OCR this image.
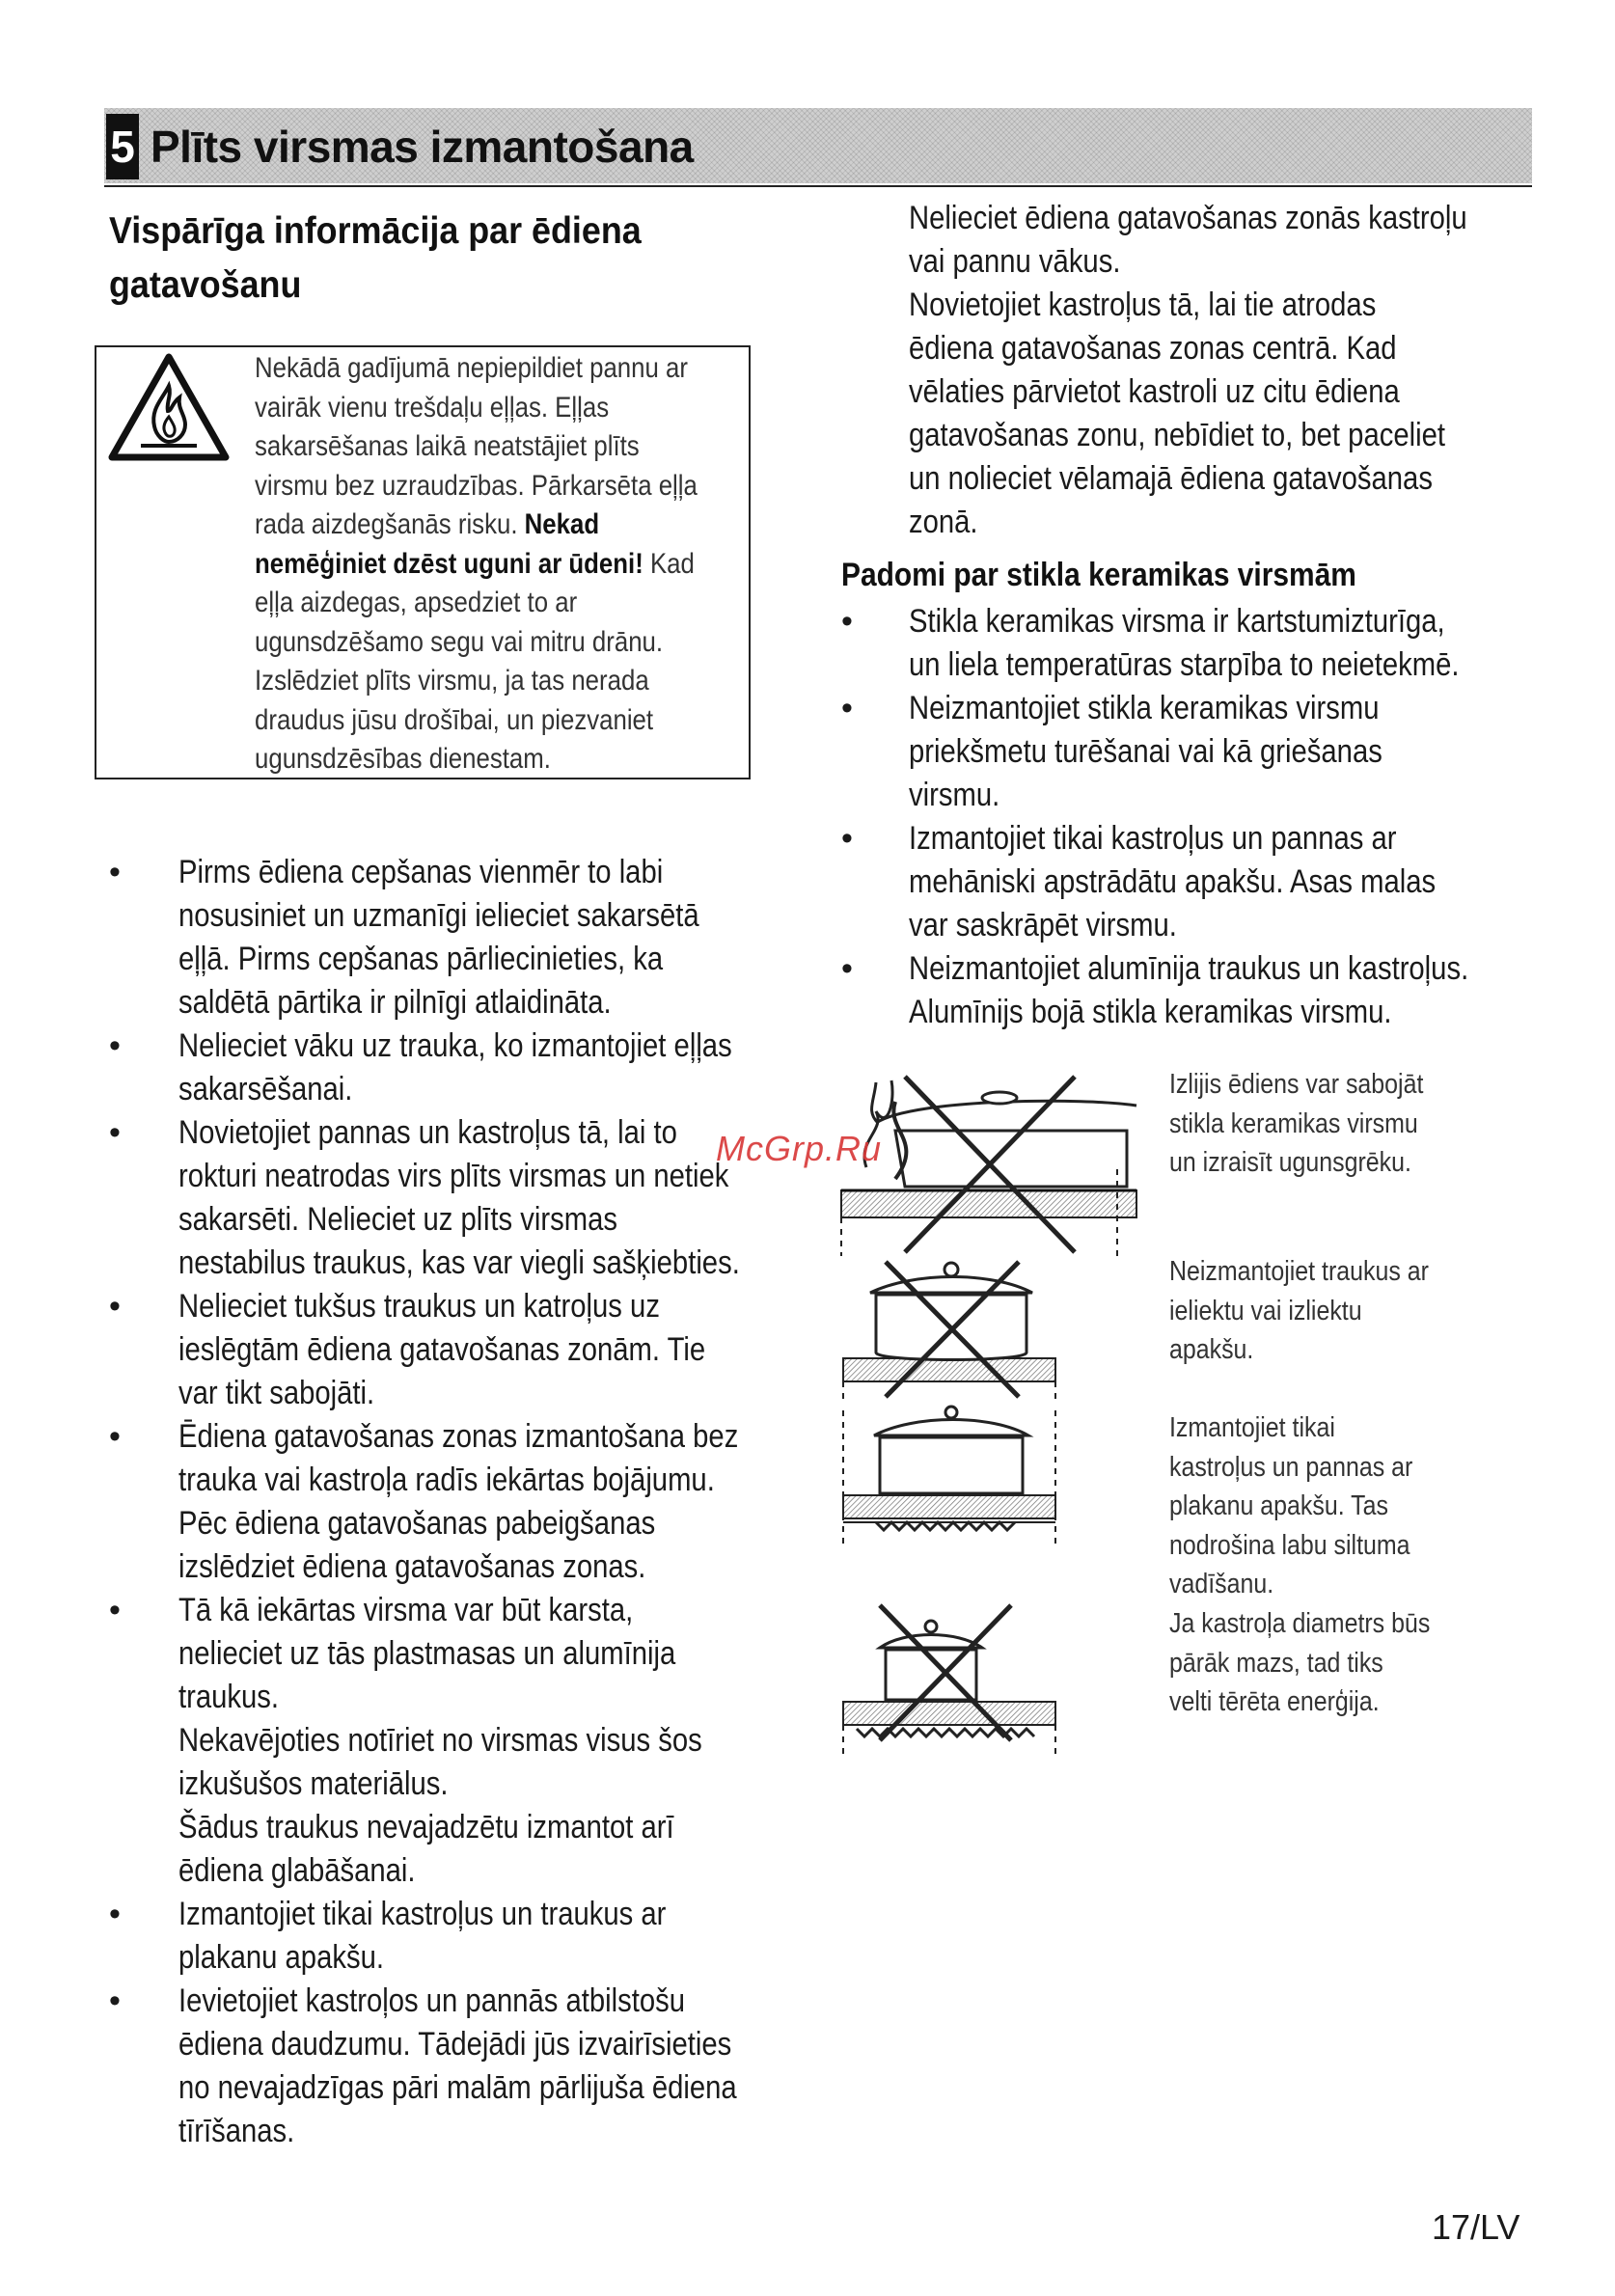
5 Plīts virsmas izmantošana
Vispārīga informācija par ēdiena
gatavošanu
Nekādā gadījumā nepiepildiet pannu ar
vairāk vienu trešdaļu eļļas. Eļļas
sakarsēšanas laikā neatstājiet plīts
virsmu bez uzraudzības. Pārkarsēta eļļa
rada aizdegšanās risku. Nekad
nemēģiniet dzēst uguni ar ūdeni! Kad
eļļa aizdegas, apsedziet to ar
ugunsdzēšamo segu vai mitru drānu.
Izslēdziet plīts virsmu, ja tas nerada
draudus jūsu drošībai, un piezvaniet
ugunsdzēsības dienestam.
• Pirms ēdiena cepšanas vienmēr to labi

nosusiniet un uzmanīgi ielieciet sakarsētā

eļļā. Pirms cepšanas pārliecinieties, ka

saldētā pārtika ir pilnīgi atlaidināta.

• Nelieciet vāku uz trauka, ko izmantojiet eļļas

sakarsēšanai.

• Novietojiet pannas un kastroļus tā, lai to

rokturi neatrodas virs plīts virsmas un netiek

sakarsēti. Nelieciet uz plīts virsmas

nestabilus traukus, kas var viegli sašķiebties.

• Nelieciet tukšus traukus un katroļus uz

ieslēgtām ēdiena gatavošanas zonām. Tie

var tikt sabojāti.

• Ēdiena gatavošanas zonas izmantošana bez

trauka vai kastroļa radīs iekārtas bojājumu.

Pēc ēdiena gatavošanas pabeigšanas

izslēdziet ēdiena gatavošanas zonas.

• Tā kā iekārtas virsma var būt karsta,

nelieciet uz tās plastmasas un alumīnija

traukus.

Nekavējoties notīriet no virsmas visus šos

izkušušos materiālus.

Šādus traukus nevajadzētu izmantot arī

ēdiena glabāšanai.

• Izmantojiet tikai kastroļus un traukus ar

plakanu apakšu.

• Ievietojiet kastroļos un pannās atbilstošu

ēdiena daudzumu. Tādejādi jūs izvairīsieties

no nevajadzīgas pāri malām pārlijuša ēdiena

tīrīšanas.

Nelieciet ēdiena gatavošanas zonās kastroļu

vai pannu vākus.

Novietojiet kastroļus tā, lai tie atrodas

ēdiena gatavošanas zonas centrā. Kad

vēlaties pārvietot kastroli uz citu ēdiena

gatavošanas zonu, nebīdiet to, bet paceliet

un nolieciet vēlamajā ēdiena gatavošanas

zonā.

Padomi par stikla keramikas virsmām
• Stikla keramikas virsma ir kartstumizturīga,

un liela temperatūras starpība to neietekmē.

• Neizmantojiet stikla keramikas virsmu

priekšmetu turēšanai vai kā griešanas

virsmu.

• Izmantojiet tikai kastroļus un pannas ar

mehāniski apstrādātu apakšu. Asas malas

var saskrāpēt virsmu.

• Neizmantojiet alumīnija traukus un kastroļus.

Alumīnijs bojā stikla keramikas virsmu.

Izlijis ēdiens var sabojāt

stikla keramikas virsmu

un izraisīt ugunsgrēku.

Neizmantojiet traukus ar

ieliektu vai izliektu

apakšu.

Izmantojiet tikai

kastroļus un pannas ar

plakanu apakšu. Tas

nodrošina labu siltuma

vadīšanu.

Ja kastroļa diametrs būs

pārāk mazs, tad tiks

velti tērēta enerģija.

McGrp.Ru
17/LV
